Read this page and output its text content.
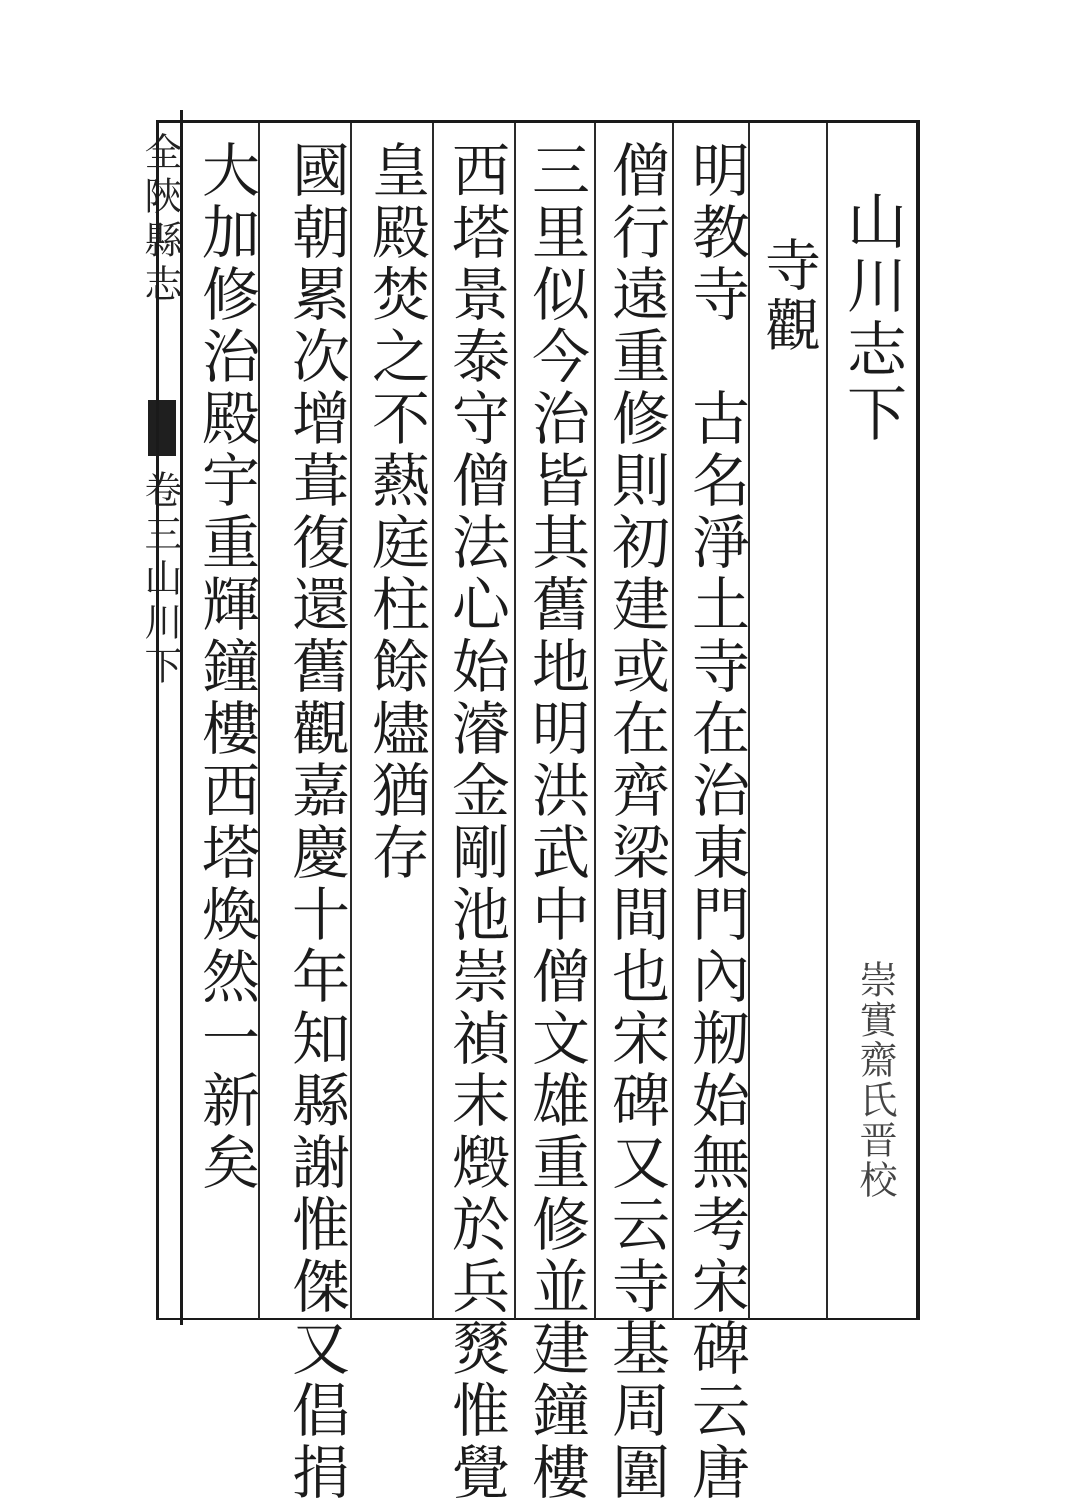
全陝縣志
卷三山川下
山川志下
寺觀
崇實齋氏晋校
明教寺　古名淨土寺在治東門內剏始無考宋碑云唐
僧行遠重修則初建或在齊梁間也宋碑又云寺基周圍
三里似今治皆其舊地明洪武中僧文雄重修並建鐘樓
西塔景泰守僧法心始濬金剛池崇禎末燬於兵燹惟覺
皇殿焚之不爇庭柱餘燼猶存
國朝累次增葺復還舊觀嘉慶十年知縣謝惟傑又倡捐
大加修治殿宇重輝鐘樓西塔煥然一新矣
